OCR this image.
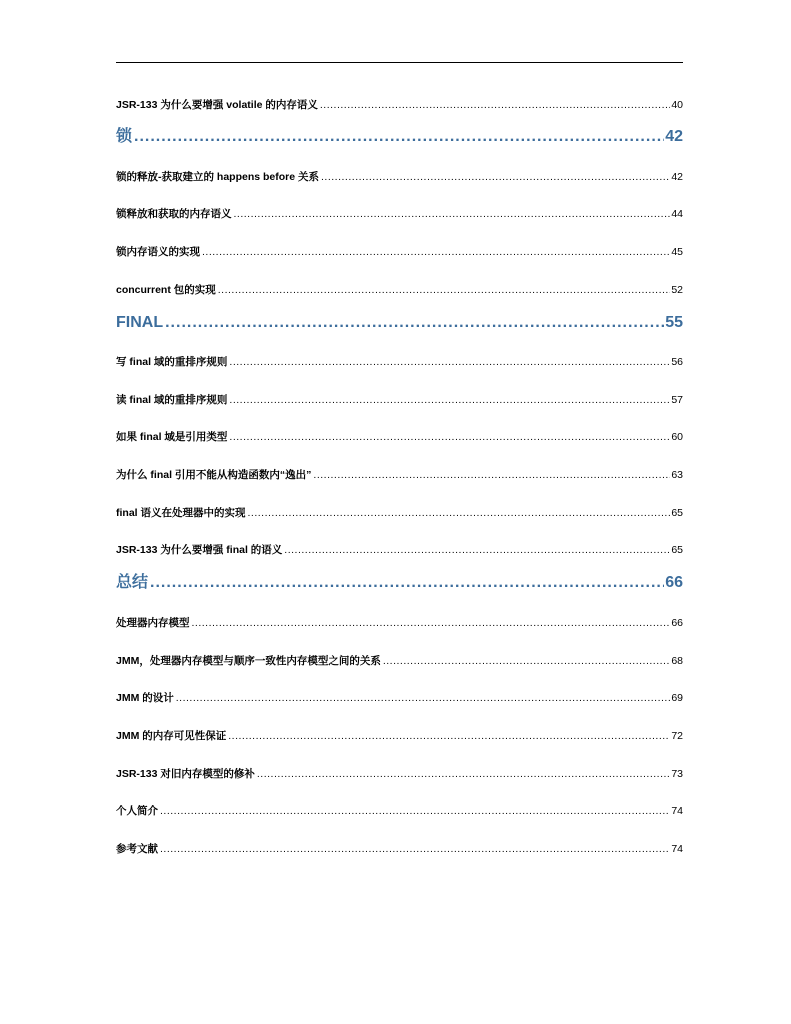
JSR-133 为什么要增强 volatile 的内存语义 .....	40
锁 .....	42
锁的释放-获取建立的 happens before 关系 .....	42
锁释放和获取的内存语义 .....	44
锁内存语义的实现 .....	45
concurrent 包的实现 .....	52
FINAL .....	55
写 final 域的重排序规则 .....	56
读 final 域的重排序规则 .....	57
如果 final 域是引用类型 .....	60
为什么 final 引用不能从构造函数内“逸出” .....	63
final 语义在处理器中的实现 .....	65
JSR-133 为什么要增强 final 的语义 .....	65
总结 .....	66
处理器内存模型 .....	66
JMM，处理器内存模型与顺序一致性内存模型之间的关系 .....	68
JMM 的设计 .....	69
JMM 的内存可见性保证 .....	72
JSR-133 对旧内存模型的修补 .....	73
个人简介 .....	74
参考文献 .....	74
